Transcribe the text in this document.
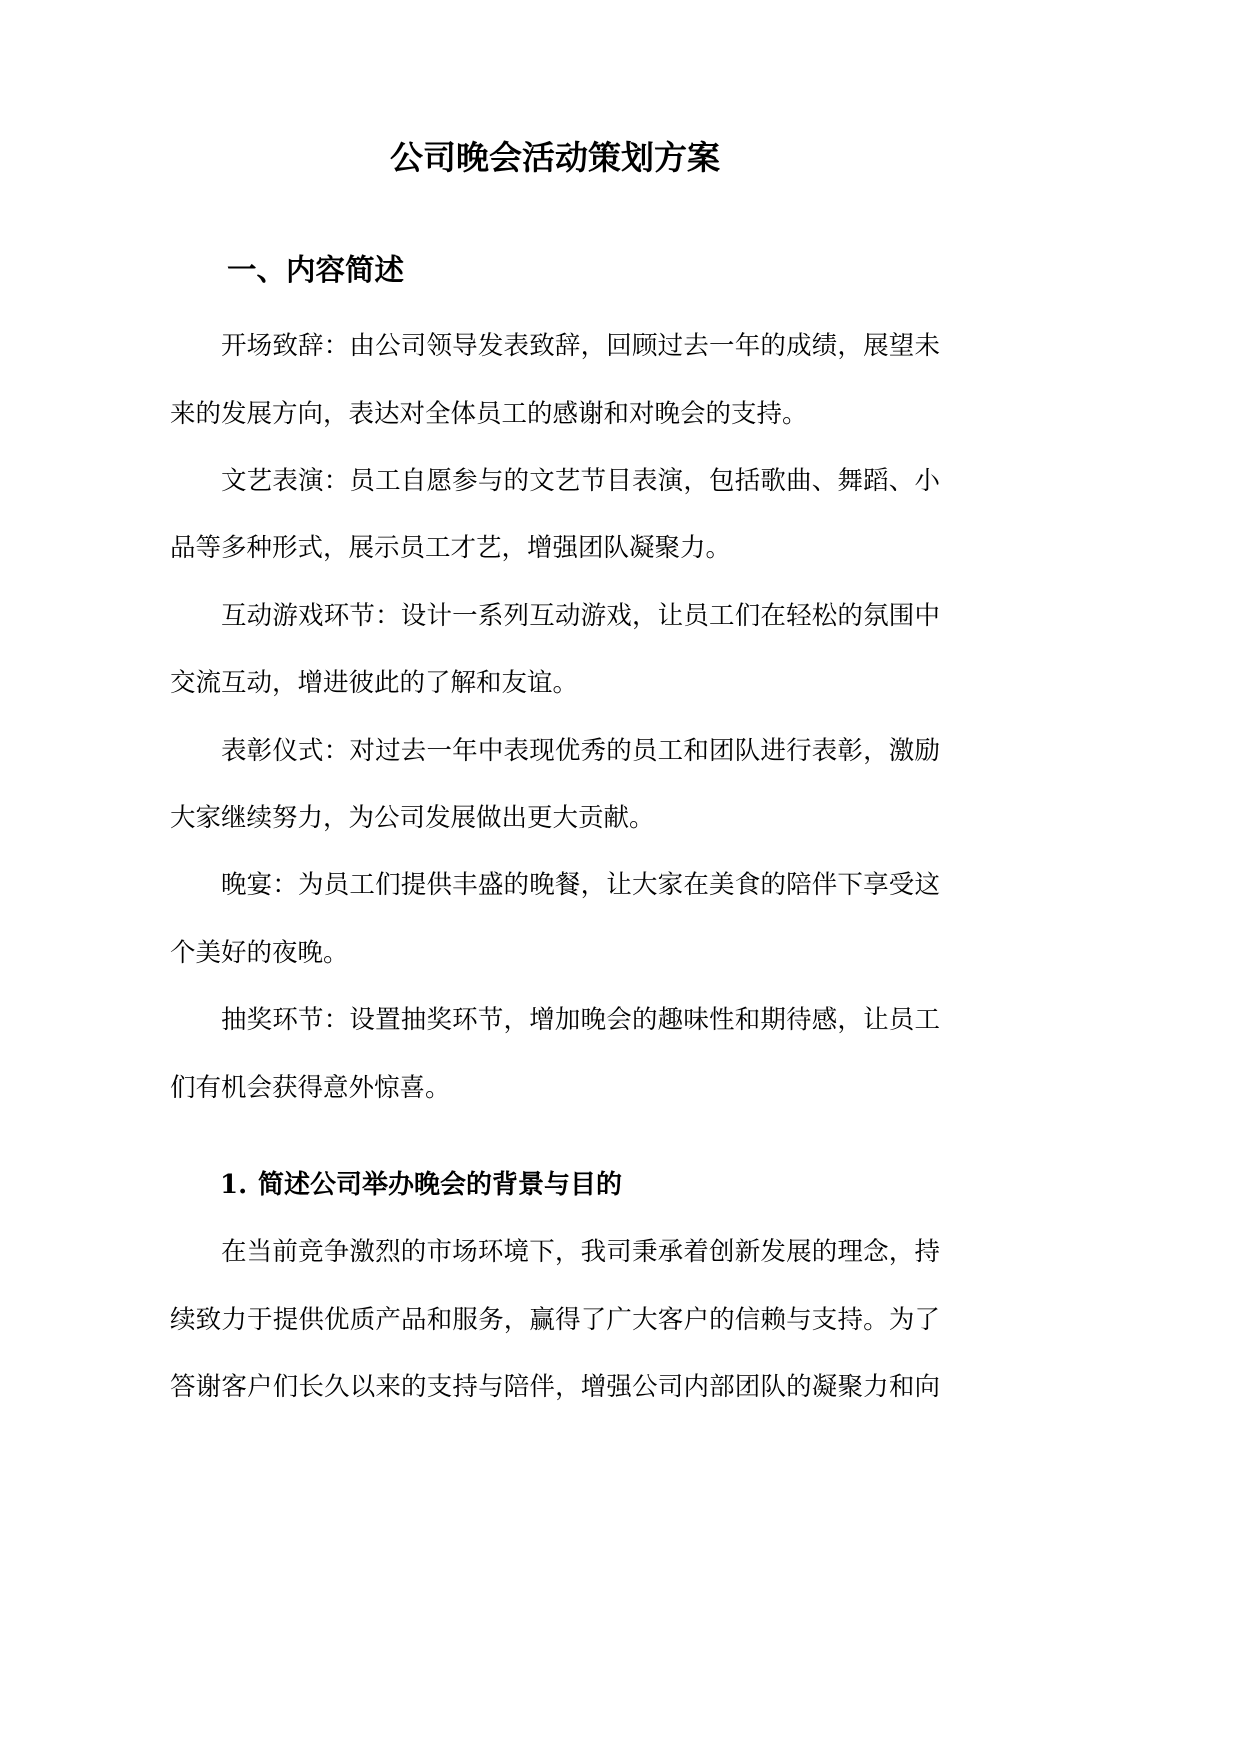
公司晚会活动策划方案
一、内容简述
开场致辞：由公司领导发表致辞，回顾过去一年的成绩，展望未
来的发展方向，表达对全体员工的感谢和对晚会的支持。
文艺表演：员工自愿参与的文艺节目表演，包括歌曲、舞蹈、小
品等多种形式，展示员工才艺，增强团队凝聚力。
互动游戏环节：设计一系列互动游戏，让员工们在轻松的氛围中
交流互动，增进彼此的了解和友谊。
表彰仪式：对过去一年中表现优秀的员工和团队进行表彰，激励
大家继续努力，为公司发展做出更大贡献。
晚宴：为员工们提供丰盛的晚餐，让大家在美食的陪伴下享受这
个美好的夜晚。
抽奖环节：设置抽奖环节，增加晚会的趣味性和期待感，让员工
们有机会获得意外惊喜。
1. 简述公司举办晚会的背景与目的
在当前竞争激烈的市场环境下，我司秉承着创新发展的理念，持
续致力于提供优质产品和服务，赢得了广大客户的信赖与支持。为了
答谢客户们长久以来的支持与陪伴，增强公司内部团队的凝聚力和向
